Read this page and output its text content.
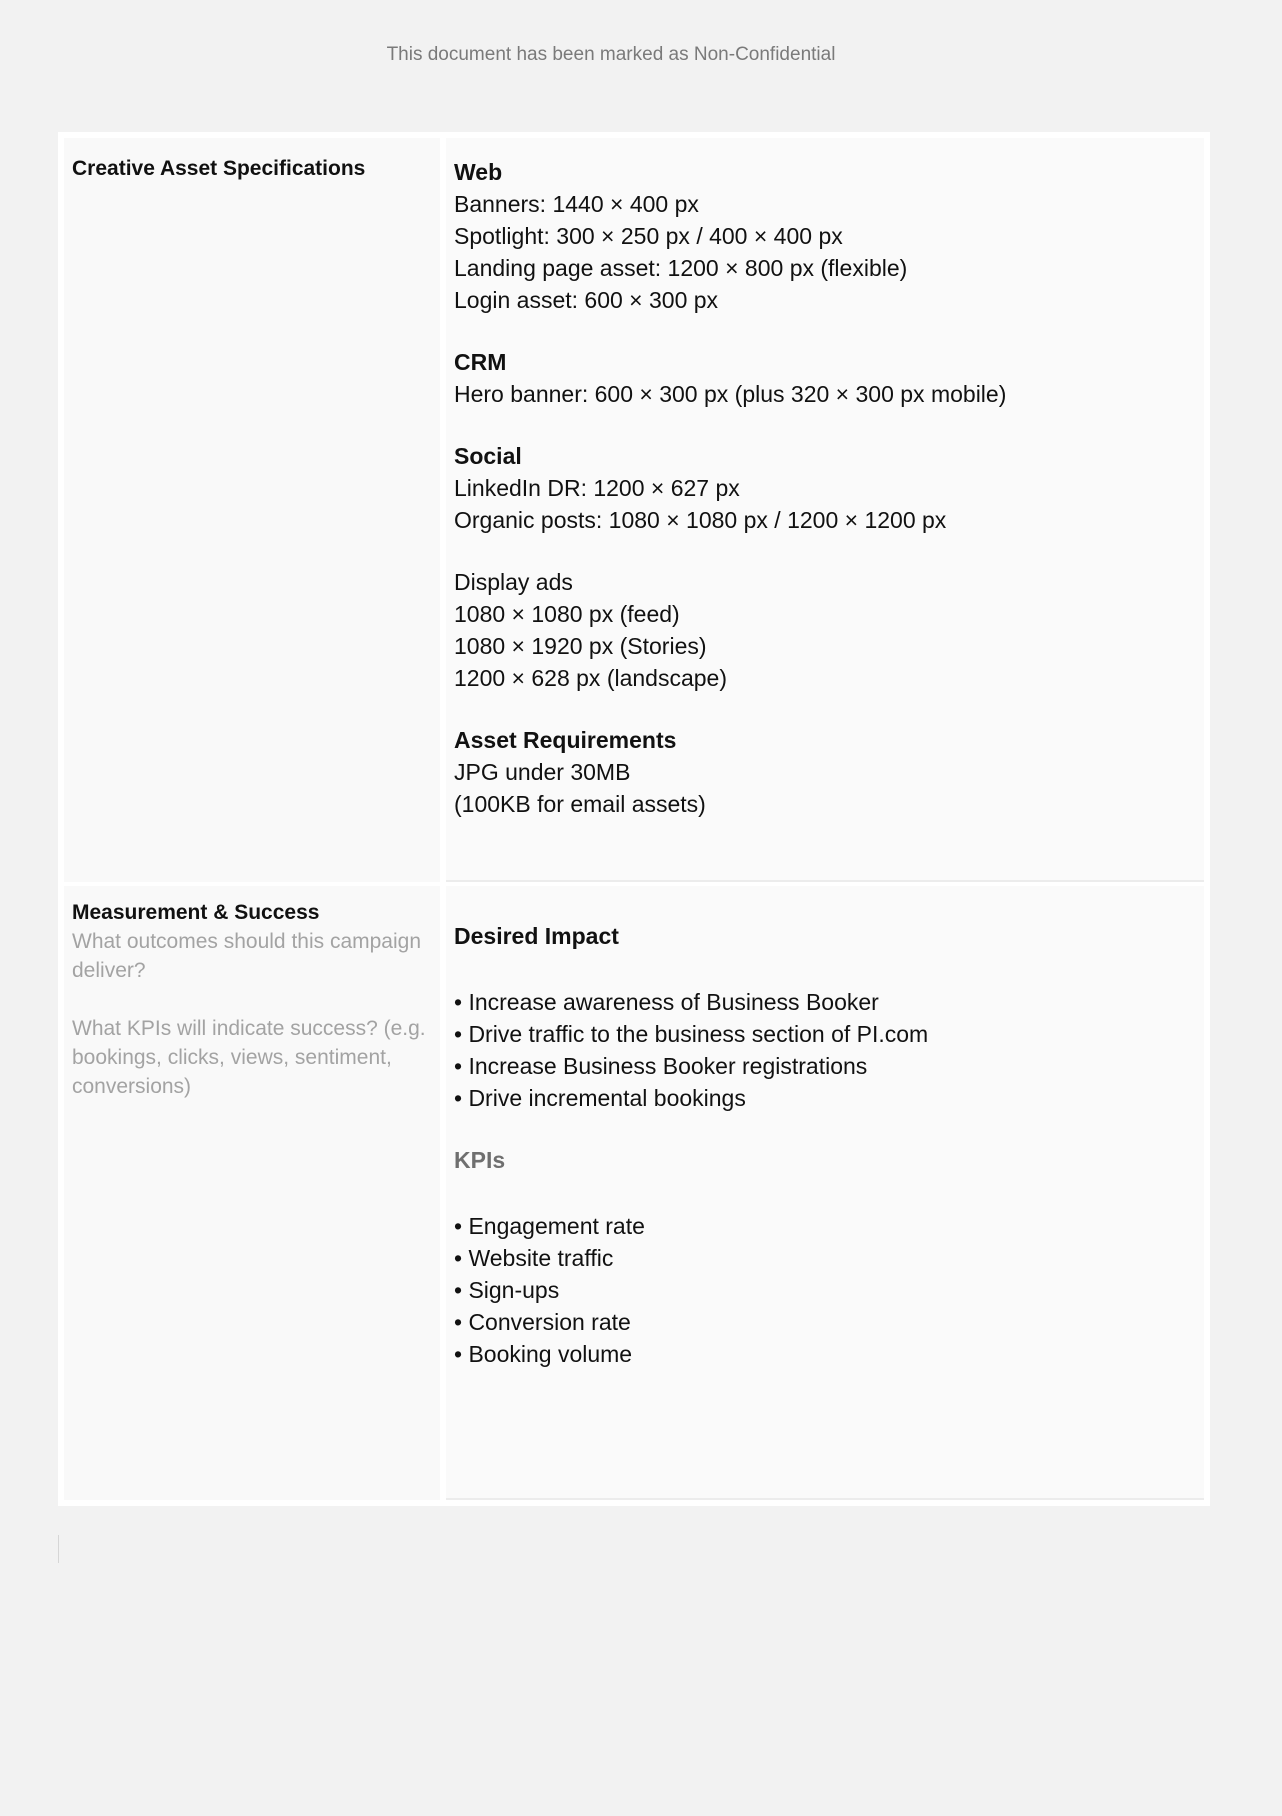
This document has been marked as Non-Confidential
Creative Asset Specifications	Web
Banners: 1440 × 400 px
Spotlight: 300 × 250 px / 400 × 400 px
Landing page asset: 1200 × 800 px (flexible)
Login asset: 600 × 300 px
CRM
Hero banner: 600 × 300 px (plus 320 × 300 px mobile)
Social
LinkedIn DR: 1200 × 627 px
Organic posts: 1080 × 1080 px / 1200 × 1200 px
Display ads
1080 × 1080 px (feed)
1080 × 1920 px (Stories)
1200 × 628 px (landscape)
Asset Requirements
JPG under 30MB
(100KB for email assets)
Measurement & Success
What outcomes should this campaign deliver?
What KPIs will indicate success? (e.g. bookings, clicks, views, sentiment, conversions)
Desired Impact
• Increase awareness of Business Booker
• Drive traffic to the business section of PI.com
• Increase Business Booker registrations
• Drive incremental bookings
KPIs
• Engagement rate
• Website traffic
• Sign-ups
• Conversion rate
• Booking volume
